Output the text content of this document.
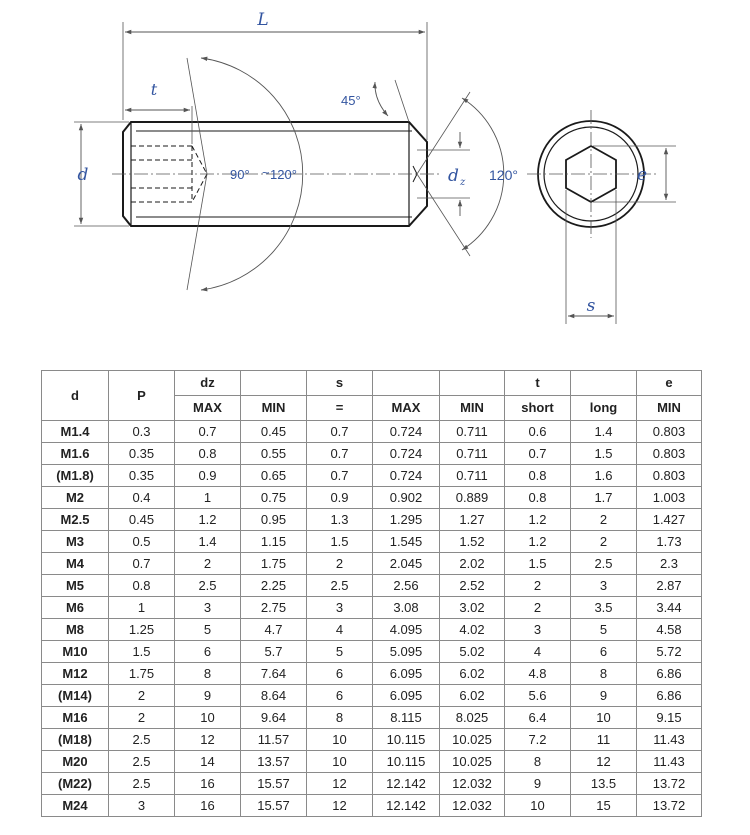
L
t
d	90° ~ 120°
45°
d z 120°	e
s
d	P	dz		s			t		e
		MAX	MIN	=	MAX	MIN	short	long	MIN
M1.4	0.3	0.7	0.45	0.7	0.724	0.711	0.6	1.4	0.803
M1.6	0.35	0.8	0.55	0.7	0.724	0.711	0.7	1.5	0.803
(M1.8)	0.35	0.9	0.65	0.7	0.724	0.711	0.8	1.6	0.803
M2	0.4	1	0.75	0.9	0.902	0.889	0.8	1.7	1.003
M2.5	0.45	1.2	0.95	1.3	1.295	1.27	1.2	2	1.427
M3	0.5	1.4	1.15	1.5	1.545	1.52	1.2	2	1.73
M4	0.7	2	1.75	2	2.045	2.02	1.5	2.5	2.3
M5	0.8	2.5	2.25	2.5	2.56	2.52	2	3	2.87
M6	1	3	2.75	3	3.08	3.02	2	3.5	3.44
M8	1.25	5	4.7	4	4.095	4.02	3	5	4.58
M10	1.5	6	5.7	5	5.095	5.02	4	6	5.72
M12	1.75	8	7.64	6	6.095	6.02	4.8	8	6.86
(M14)	2	9	8.64	6	6.095	6.02	5.6	9	6.86
M16	2	10	9.64	8	8.115	8.025	6.4	10	9.15
(M18)	2.5	12	11.57	10	10.115	10.025	7.2	11	11.43
M20	2.5	14	13.57	10	10.115	10.025	8	12	11.43
(M22)	2.5	16	15.57	12	12.142	12.032	9	13.5	13.72
M24	3	16	15.57	12	12.142	12.032	10	15	13.72
